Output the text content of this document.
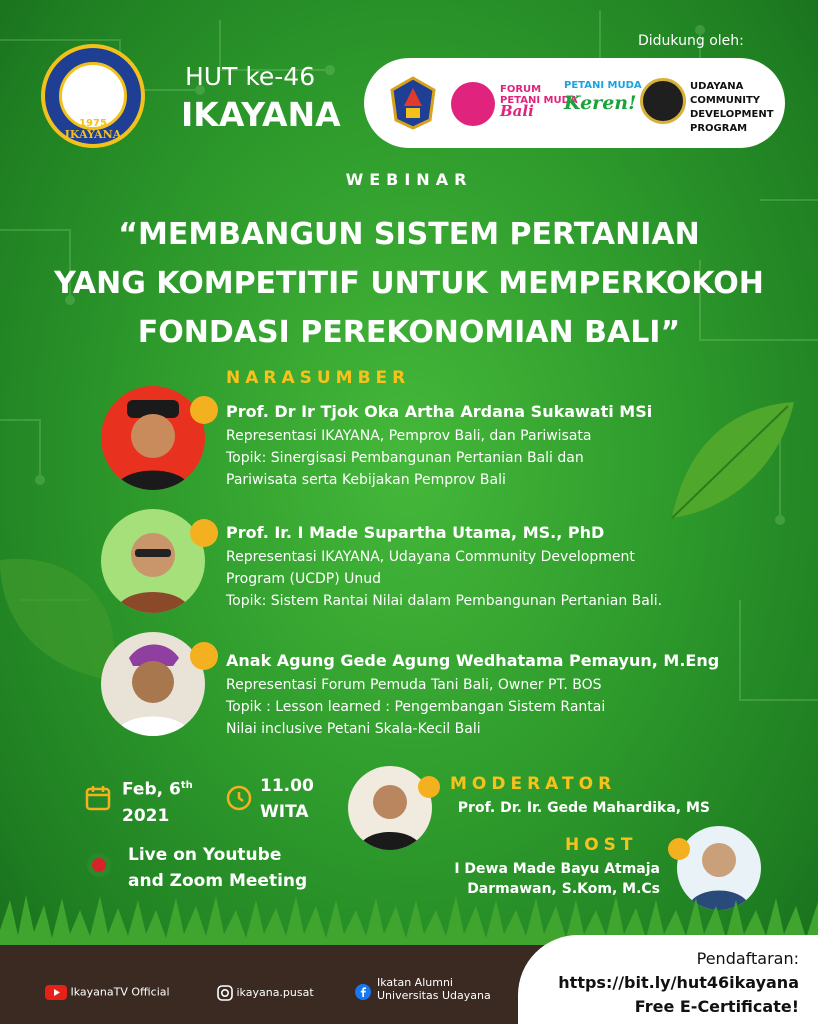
1975
IKAYANA
HUT ke-46
IKAYANA
Didukung oleh:
FORUM
PETANI MUDA
Bali
PETANI MUDA
Keren!
UDAYANA
COMMUNITY
DEVELOPMENT
PROGRAM
WEBINAR
“MEMBANGUN SISTEM PERTANIAN
YANG KOMPETITIF UNTUK MEMPERKOKOH
FONDASI PEREKONOMIAN BALI”
NARASUMBER
Prof. Dr Ir Tjok Oka Artha Ardana Sukawati MSi
Representasi IKAYANA, Pemprov Bali, dan Pariwisata
Topik: Sinergisasi Pembangunan Pertanian Bali dan
Pariwisata serta Kebijakan Pemprov Bali
Prof. Ir. I Made Supartha Utama, MS., PhD
Representasi IKAYANA, Udayana Community Development
Program (UCDP) Unud
Topik: Sistem Rantai Nilai dalam Pembangunan Pertanian Bali.
Anak Agung Gede Agung Wedhatama Pemayun, M.Eng
Representasi Forum Pemuda Tani Bali, Owner PT. BOS
Topik : Lesson learned : Pengembangan Sistem Rantai
Nilai inclusive Petani Skala-Kecil Bali
Feb, 6th
2021
11.00
WITA
Live on Youtube
and Zoom Meeting
MODERATOR
Prof. Dr. Ir. Gede Mahardika, MS
HOST
I Dewa Made Bayu Atmaja
Darmawan, S.Kom, M.Cs
IkayanaTV Official	ikayana.pusat
Ikatan Alumni
Universitas Udayana
Pendaftaran:
https://bit.ly/hut46ikayana
Free E-Certificate!
